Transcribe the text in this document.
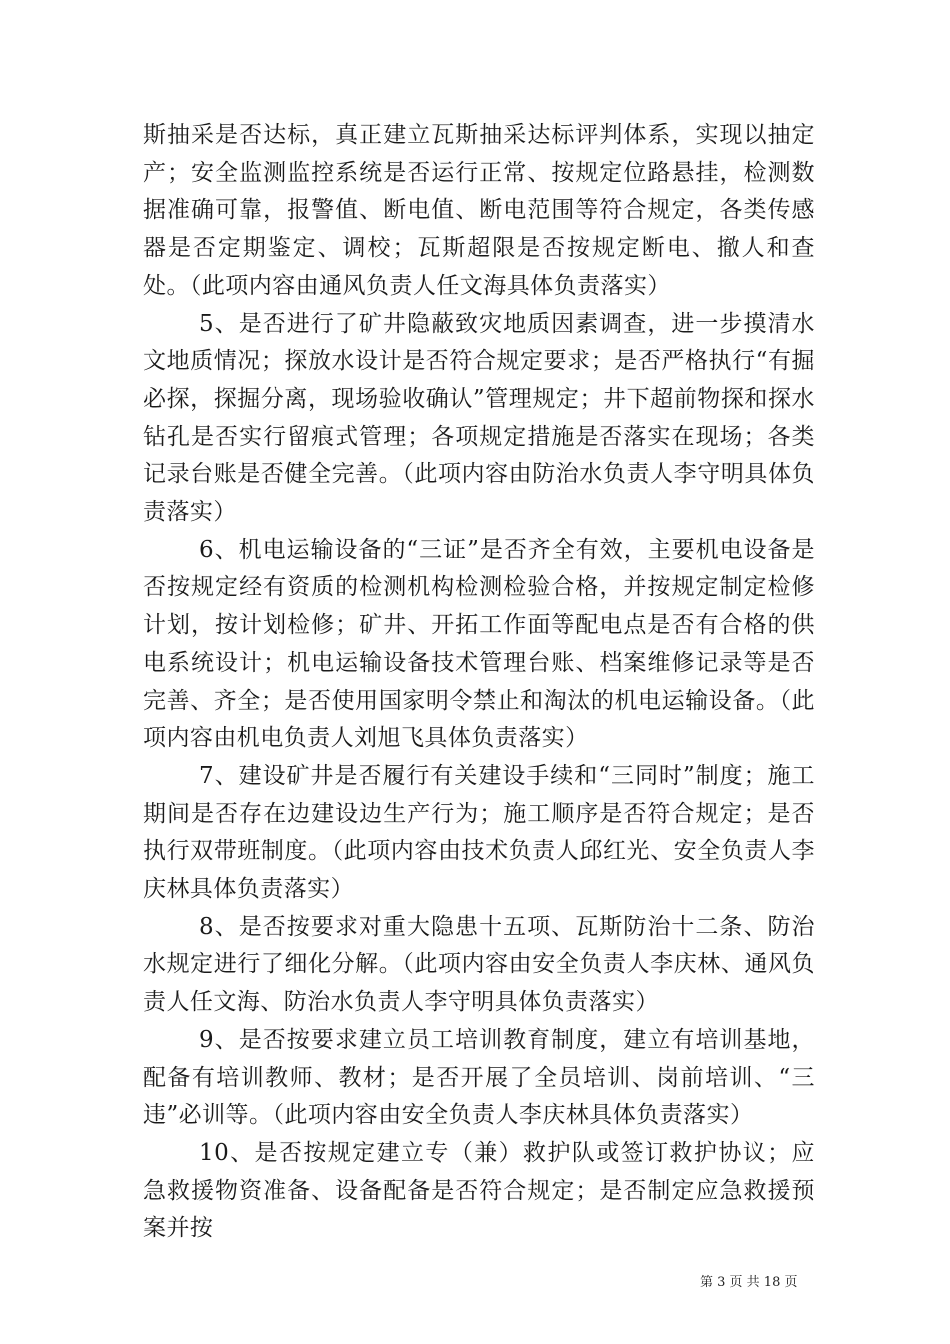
斯抽采是否达标，真正建立瓦斯抽采达标评判体系，实现以抽定产；安全监测监控系统是否运行正常、按规定位路悬挂，检测数据准确可靠，报警值、断电值、断电范围等符合规定，各类传感器是否定期鉴定、调校；瓦斯超限是否按规定断电、撤人和查处。（此项内容由通风负责人任文海具体负责落实）

5、是否进行了矿井隐蔽致灾地质因素调查，进一步摸清水文地质情况；探放水设计是否符合规定要求；是否严格执行“有掘必探，探掘分离，现场验收确认”管理规定；井下超前物探和探水钻孔是否实行留痕式管理；各项规定措施是否落实在现场；各类记录台账是否健全完善。（此项内容由防治水负责人李守明具体负责落实）

6、机电运输设备的“三证”是否齐全有效，主要机电设备是否按规定经有资质的检测机构检测检验合格，并按规定制定检修计划，按计划检修；矿井、开拓工作面等配电点是否有合格的供电系统设计；机电运输设备技术管理台账、档案维修记录等是否完善、齐全；是否使用国家明令禁止和淘汰的机电运输设备。（此项内容由机电负责人刘旭飞具体负责落实）

7、建设矿井是否履行有关建设手续和“三同时”制度；施工期间是否存在边建设边生产行为；施工顺序是否符合规定；是否执行双带班制度。（此项内容由技术负责人邱红光、安全负责人李庆林具体负责落实）

8、是否按要求对重大隐患十五项、瓦斯防治十二条、防治水规定进行了细化分解。（此项内容由安全负责人李庆林、通风负责人任文海、防治水负责人李守明具体负责落实）

9、是否按要求建立员工培训教育制度，建立有培训基地，配备有培训教师、教材；是否开展了全员培训、岗前培训、“三违”必训等。（此项内容由安全负责人李庆林具体负责落实）

10、是否按规定建立专（兼）救护队或签订救护协议；应急救援物资准备、设备配备是否符合规定；是否制定应急救援预案并按

第 3 页 共 18 页
